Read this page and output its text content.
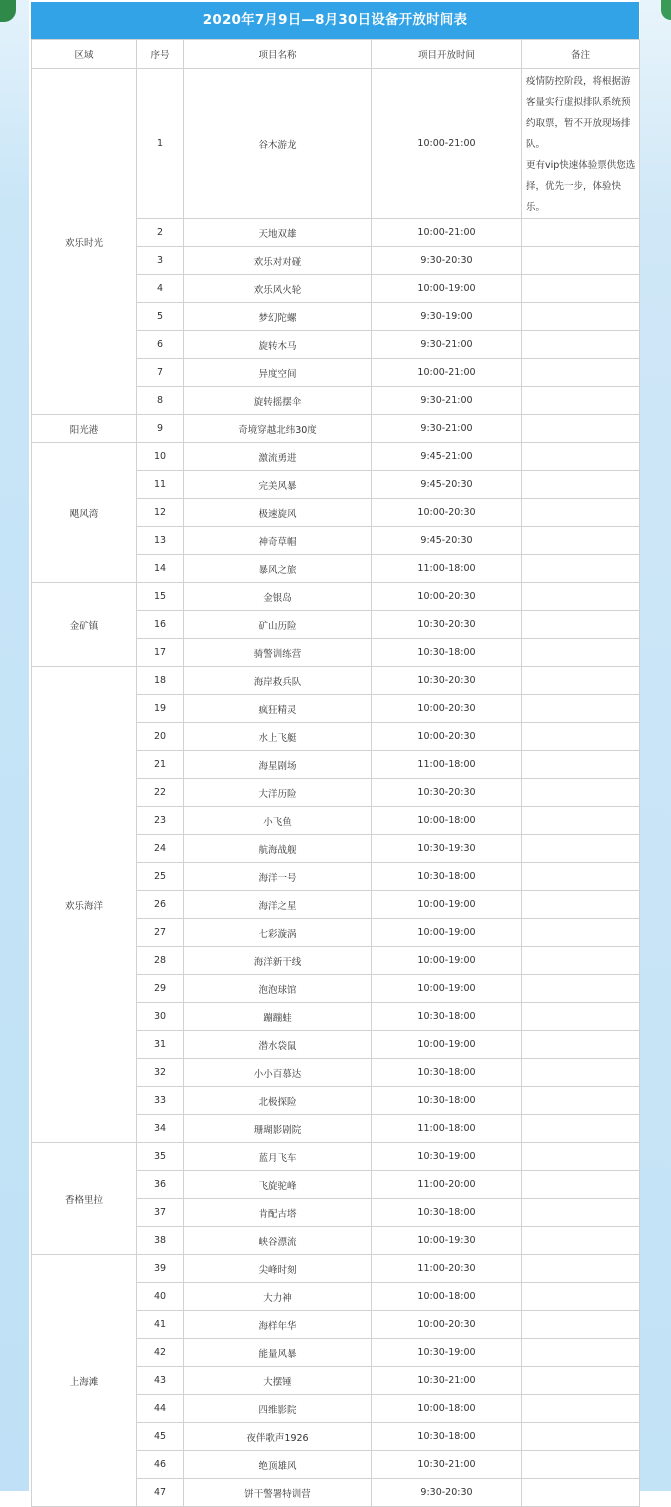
2020年7月9日—8月30日设备开放时间表
区域	序号	项目名称	项目开放时间	备注
欢乐时光	1	谷木游龙	10:00-21:00	疫情防控阶段，将根据游客量实行虚拟排队系统预约取票，暂不开放现场排队。

更有vip快速体验票供您选择，优先一步，体验快乐。

	2	天地双雄	10:00-21:00	
	3	欢乐对对碰	9:30-20:30	
	4	欢乐风火轮	10:00-19:00	
	5	梦幻陀螺	9:30-19:00	
	6	旋转木马	9:30-21:00	
	7	异度空间	10:00-21:00	
	8	旋转摇摆伞	9:30-21:00	
阳光港	9	奇境穿越北纬30度	9:30-21:00	
飓风湾	10	激流勇进	9:45-21:00	
	11	完美风暴	9:45-20:30	
	12	极速旋风	10:00-20:30	
	13	神奇草帽	9:45-20:30	
	14	暴风之旅	11:00-18:00	
金矿镇	15	金银岛	10:00-20:30	
	16	矿山历险	10:30-20:30	
	17	骑警训练营	10:30-18:00	
欢乐海洋	18	海岸救兵队	10:30-20:30	
	19	疯狂精灵	10:00-20:30	
	20	水上飞艇	10:00-20:30	
	21	海星剧场	11:00-18:00	
	22	大洋历险	10:30-20:30	
	23	小飞鱼	10:00-18:00	
	24	航海战舰	10:30-19:30	
	25	海洋一号	10:30-18:00	
	26	海洋之星	10:00-19:00	
	27	七彩漩涡	10:00-19:00	
	28	海洋新干线	10:00-19:00	
	29	泡泡球馆	10:00-19:00	
	30	蹦蹦蛙	10:30-18:00	
	31	潜水袋鼠	10:00-19:00	
	32	小小百慕达	10:30-18:00	
	33	北极探险	10:30-18:00	
	34	珊瑚影剧院	11:00-18:00	
香格里拉	35	蓝月飞车	10:30-19:00	
	36	飞旋驼峰	11:00-20:00	
	37	肯配古塔	10:30-18:00	
	38	峡谷漂流	10:00-19:30	
上海滩	39	尖峰时刻	11:00-20:30	
	40	大力神	10:00-18:00	
	41	海样年华	10:00-20:30	
	42	能量风暴	10:30-19:00	
	43	大摆锤	10:30-21:00	
	44	四维影院	10:00-18:00	
	45	夜伴歌声1926	10:30-18:00	
	46	绝顶雄风	10:30-21:00	
	47	饼干警署特训营	9:30-20:30	
